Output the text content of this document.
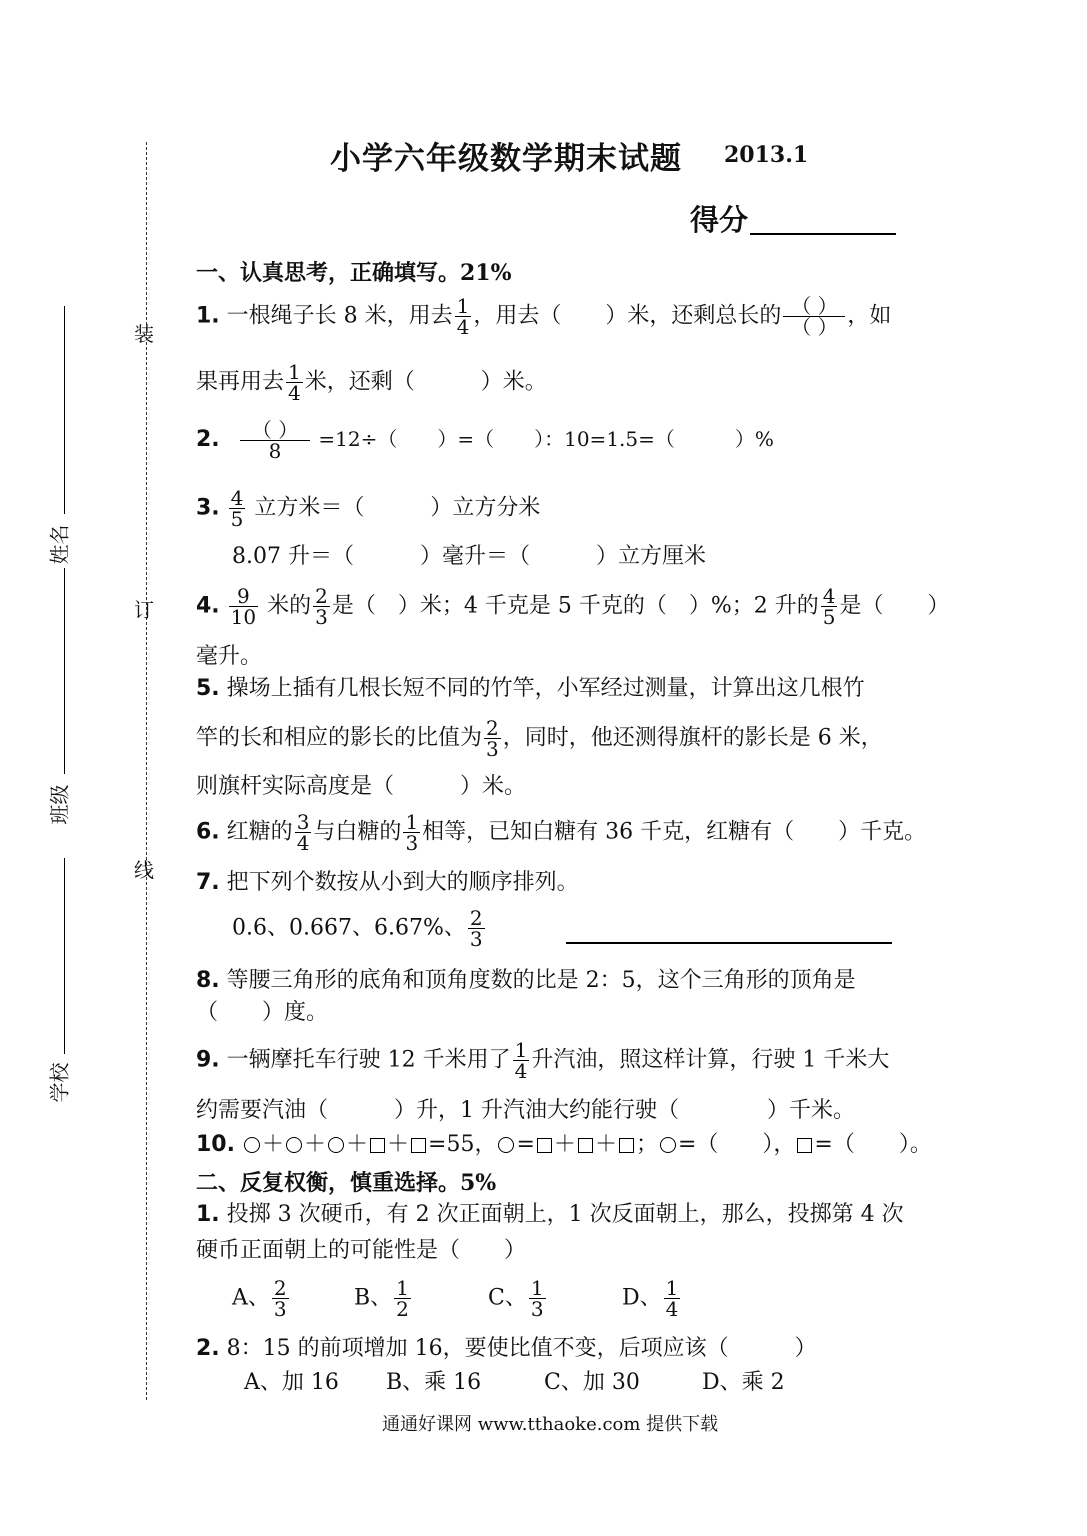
小学六年级数学期末试题 2013.1
得分
装
订
线
姓名
班级
学校
一、认真思考，正确填写。21%
1. 一根绳子长 8 米，用去 $\frac{1}{4}$ ，用去（　　）米，还剩总长的 $\frac{( )}{( )}$ ，如
果再用去 $\frac{1}{4}$ 米，还剩（　　　）米。
2. $\frac{( )}{8} =12\div$（　　）=（　　）：10=1.5=（　　　）%
3. $\frac{4}{5}$ 立方米＝（　　　）立方分米
8.07 升＝（　　　）毫升＝（　　　）立方厘米
4. $\frac{9}{10}$ 米的 $\frac{2}{3}$ 是（　）米；4 千克是 5 千克的（　）%；2 升的 $\frac{4}{5}$ 是（　　）
毫升。
5. 操场上插有几根长短不同的竹竿，小军经过测量，计算出这几根竹
竿的长和相应的影长的比值为 $\frac{2}{3}$ ，同时，他还测得旗杆的影长是 6 米，
则旗杆实际高度是（　　　）米。
6. 红糖的 $\frac{3}{4}$ 与白糖的 $\frac{1}{3}$ 相等，已知白糖有 36 千克，红糖有（　　）千克。
7. 把下列个数按从小到大的顺序排列。
0.6、0.667、6.67%、 $\frac{2}{3}$
8. 等腰三角形的底角和顶角度数的比是 2：5，这个三角形的顶角是
（　　）度。
9. 一辆摩托车行驶 12 千米用了 $\frac{1}{4}$ 升汽油，照这样计算，行驶 1 千米大
约需要汽油（　　　）升，1 升汽油大约能行驶（　　　　）千米。
10. ＋ ＋ ＋ ＋ =55， = ＋ ＋ ； =（　　）， =（　　）。
二、反复权衡，慎重选择。5%
1. 投掷 3 次硬币，有 2 次正面朝上，1 次反面朝上，那么，投掷第 4 次
硬币正面朝上的可能性是（　　）
A、 $\frac{2}{3}$	B、 $\frac{1}{2}$	C、 $\frac{1}{3}$	D、 $\frac{1}{4}$
2. 8：15 的前项增加 16，要使比值不变，后项应该（　　　）
A、加 16 B、乘 16	C、加 30	D、乘 2
通通好课网 www.tthaoke.com 提供下载
